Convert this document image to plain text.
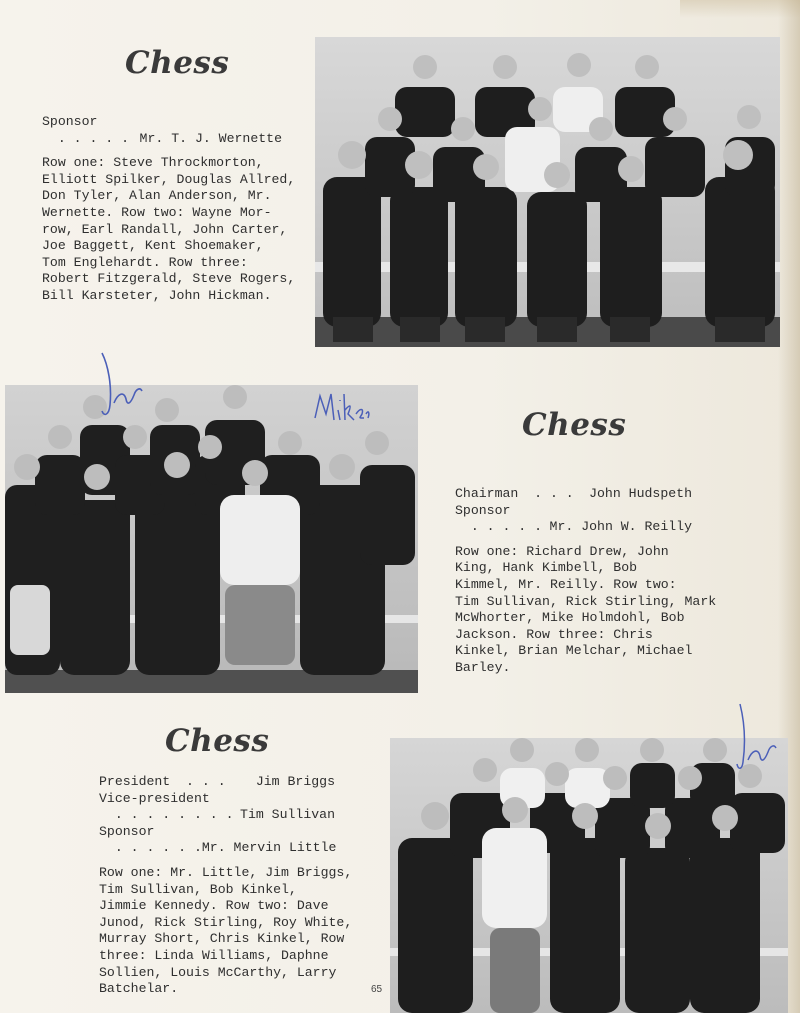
Chess
Sponsor
. . . . . Mr. T. J. Wernette
Row one: Steve Throckmorton,
Elliott Spilker, Douglas Allred,
Don Tyler, Alan Anderson, Mr.
Wernette. Row two: Wayne Mor-
row, Earl Randall, John Carter,
Joe Baggett, Kent Shoemaker,
Tom Englehardt. Row three:
Robert Fitzgerald, Steve Rogers,
Bill Karsteter, John Hickman.
Chess
Chairman  . . . John Hudspeth
Sponsor
. . . . . Mr. John W. Reilly
Row one: Richard Drew, John
King, Hank Kimbell, Bob
Kimmel, Mr. Reilly. Row two:
Tim Sullivan, Rick Stirling, Mark
McWhorter, Mike Holmdohl, Bob
Jackson. Row three: Chris
Kinkel, Brian Melchar, Michael
Barley.
Chess
President  . . . Jim Briggs
Vice-president
. . . . . . . . Tim Sullivan
Sponsor
. . . . . . Mr. Mervin Little
Row one: Mr. Little, Jim Briggs,
Tim Sullivan, Bob Kinkel,
Jimmie Kennedy. Row two: Dave
Junod, Rick Stirling, Roy White,
Murray Short, Chris Kinkel, Row
three: Linda Williams, Daphne
Sollien, Louis McCarthy, Larry
Batchelar.	65
